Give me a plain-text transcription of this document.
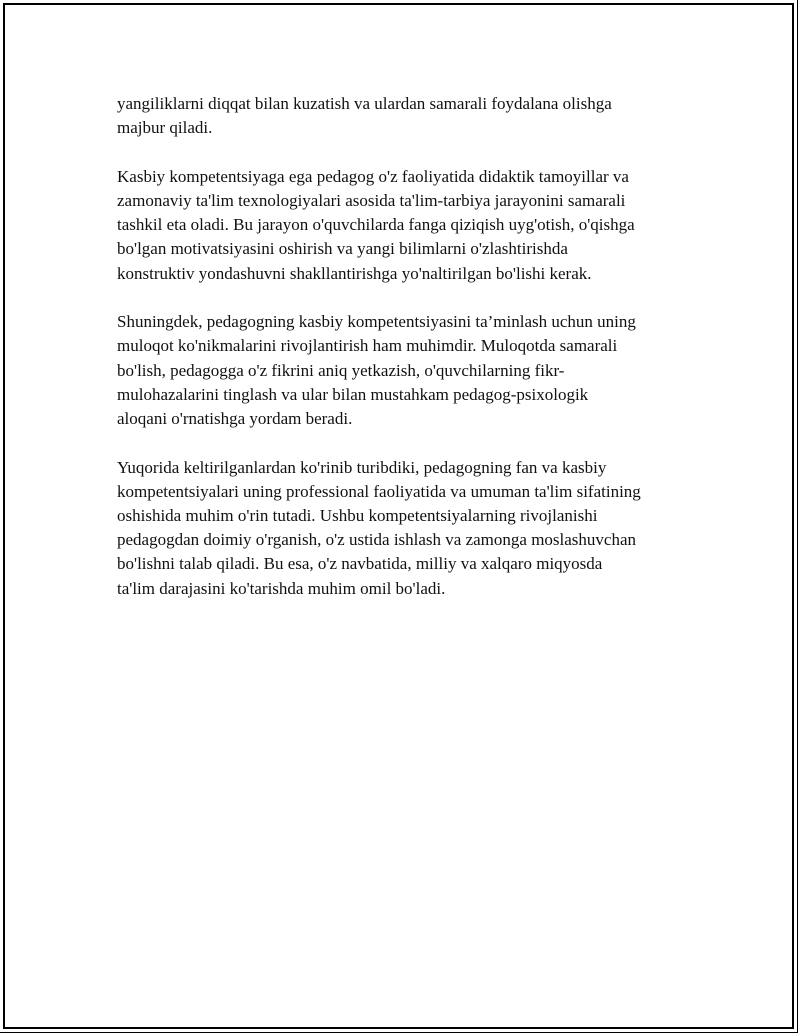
yangiliklarni diqqat bilan kuzatish va ulardan samarali foydalana olishga
majbur qiladi.

Kasbiy kompetentsiyaga ega pedagog o'z faoliyatida didaktik tamoyillar va
zamonaviy ta'lim texnologiyalari asosida ta'lim-tarbiya jarayonini samarali
tashkil eta oladi. Bu jarayon o'quvchilarda fanga qiziqish uyg'otish, o'qishga
bo'lgan motivatsiyasini oshirish va yangi bilimlarni o'zlashtirishda
konstruktiv yondashuvni shakllantirishga yo'naltirilgan bo'lishi kerak.

Shuningdek, pedagogning kasbiy kompetentsiyasini ta’minlash uchun uning
muloqot ko'nikmalarini rivojlantirish ham muhimdir. Muloqotda samarali
bo'lish, pedagogga o'z fikrini aniq yetkazish, o'quvchilarning fikr-
mulohazalarini tinglash va ular bilan mustahkam pedagog-psixologik
aloqani o'rnatishga yordam beradi.

Yuqorida keltirilganlardan ko'rinib turibdiki, pedagogning fan va kasbiy
kompetentsiyalari uning professional faoliyatida va umuman ta'lim sifatining
oshishida muhim o'rin tutadi. Ushbu kompetentsiyalarning rivojlanishi
pedagogdan doimiy o'rganish, o'z ustida ishlash va zamonga moslashuvchan
bo'lishni talab qiladi. Bu esa, o'z navbatida, milliy va xalqaro miqyosda
ta'lim darajasini ko'tarishda muhim omil bo'ladi.
